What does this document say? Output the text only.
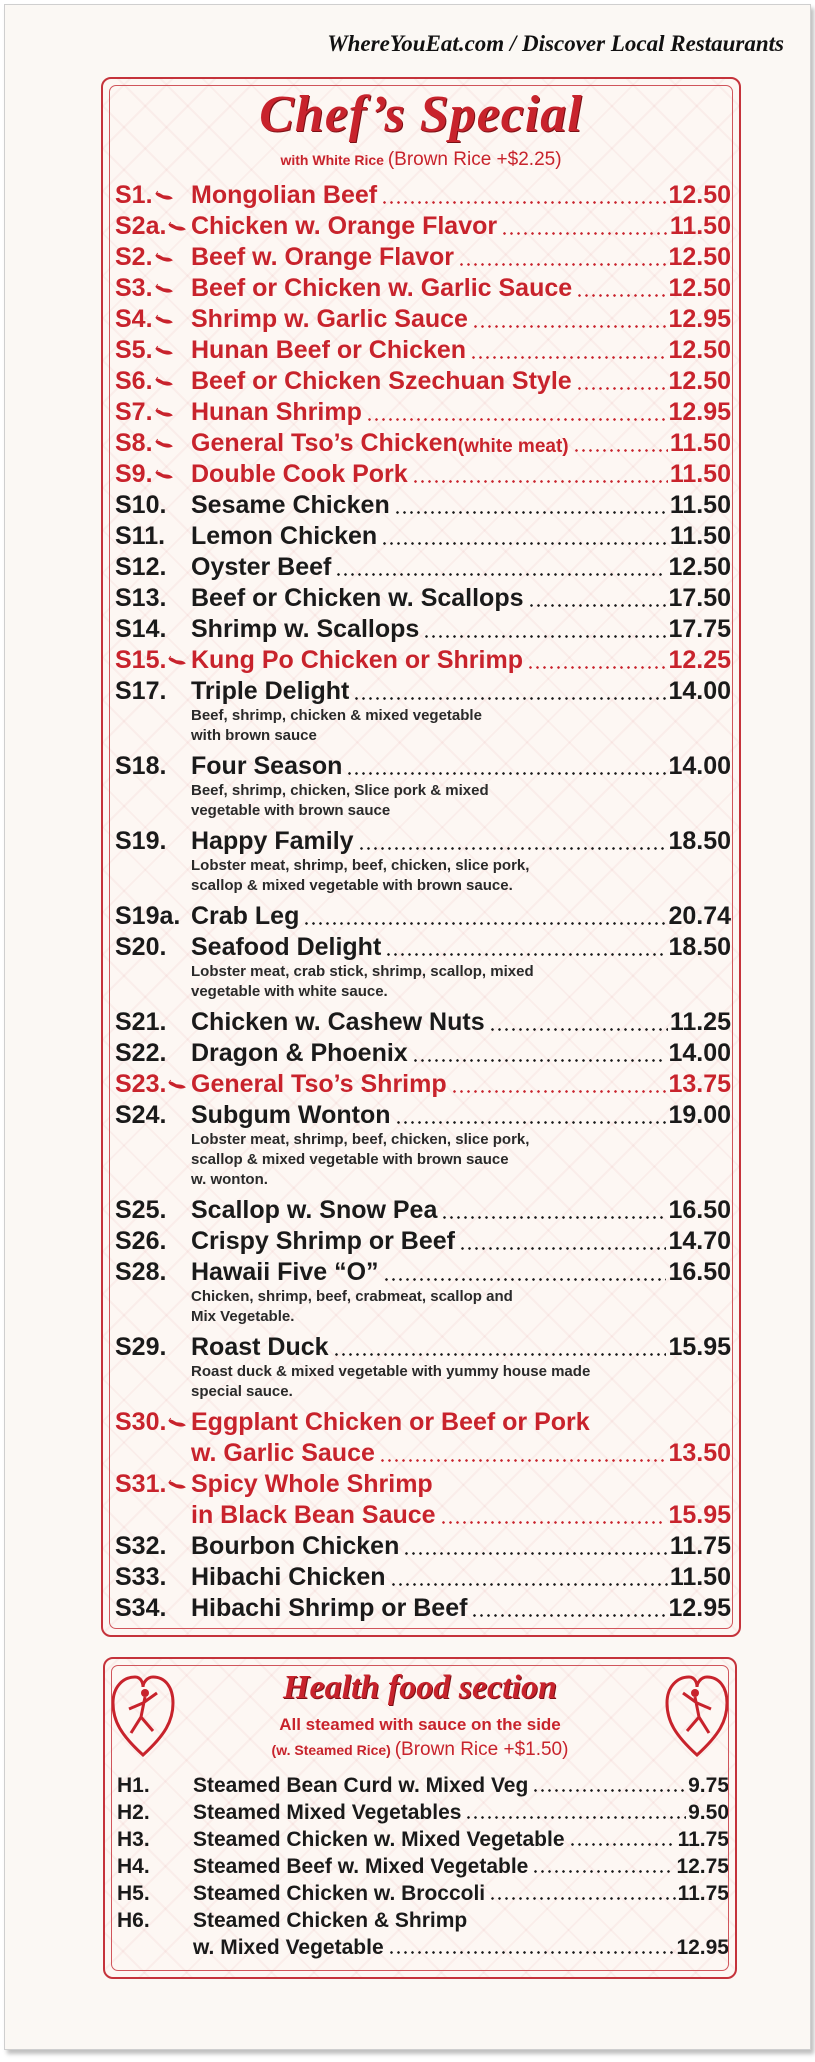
WhereYouEat.com / Discover Local Restaurants
Chef’s Special
with White Rice (Brown Rice +$2.25)
S1. Mongolian Beef	12.50
S2a. Chicken w. Orange Flavor	11.50
S2. Beef w. Orange Flavor	12.50
S3. Beef or Chicken w. Garlic Sauce	12.50
S4. Shrimp w. Garlic Sauce	12.95
S5. Hunan Beef or Chicken	12.50
S6. Beef or Chicken Szechuan Style	12.50
S7. Hunan Shrimp	12.95
S8. General Tso’s Chicken (white meat)	11.50
S9. Double Cook Pork	11.50
S10. Sesame Chicken	11.50
S11.	Lemon Chicken	11.50
S12. Oyster Beef	12.50
S13. Beef or Chicken w. Scallops	17.50
S14. Shrimp w. Scallops	17.75
S15. Kung Po Chicken or Shrimp	12.25
S17. Triple Delight	14.00
Beef, shrimp, chicken & mixed vegetable
with brown sauce
S18. Four Season	14.00
Beef, shrimp, chicken, Slice pork & mixed
vegetable with brown sauce
S19. Happy Family	18.50
Lobster meat, shrimp, beef, chicken, slice pork,
scallop & mixed vegetable with brown sauce.
S19a. Crab Leg	20.74
S20. Seafood Delight	18.50
Lobster meat, crab stick, shrimp, scallop, mixed
vegetable with white sauce.
S21. Chicken w. Cashew Nuts	11.25
S22. Dragon & Phoenix	14.00
S23. General Tso’s Shrimp	13.75
S24. Subgum Wonton	19.00
Lobster meat, shrimp, beef, chicken, slice pork,
scallop & mixed vegetable with brown sauce
w. wonton.
S25. Scallop w. Snow Pea	16.50
S26. Crispy Shrimp or Beef	14.70
S28. Hawaii Five “O”	16.50
Chicken, shrimp, beef, crabmeat, scallop and
Mix Vegetable.
S29. Roast Duck	15.95
Roast duck & mixed vegetable with yummy house made
special sauce.
S30. Eggplant Chicken or Beef or Pork
w. Garlic Sauce	13.50
S31. Spicy Whole Shrimp
in Black Bean Sauce	15.95
S32. Bourbon Chicken	11.75
S33. Hibachi Chicken	11.50
S34. Hibachi Shrimp or Beef	12.95
Health food section
All steamed with sauce on the side
(w. Steamed Rice) (Brown Rice +$1.50)
H1.	Steamed Bean Curd w. Mixed Veg	9.75
H2.	Steamed Mixed Vegetables	9.50
H3.	Steamed Chicken w. Mixed Vegetable	11.75
H4.	Steamed Beef w. Mixed Vegetable	12.75
H5.	Steamed Chicken w. Broccoli	11.75
H6.	Steamed Chicken & Shrimp
w. Mixed Vegetable	12.95
